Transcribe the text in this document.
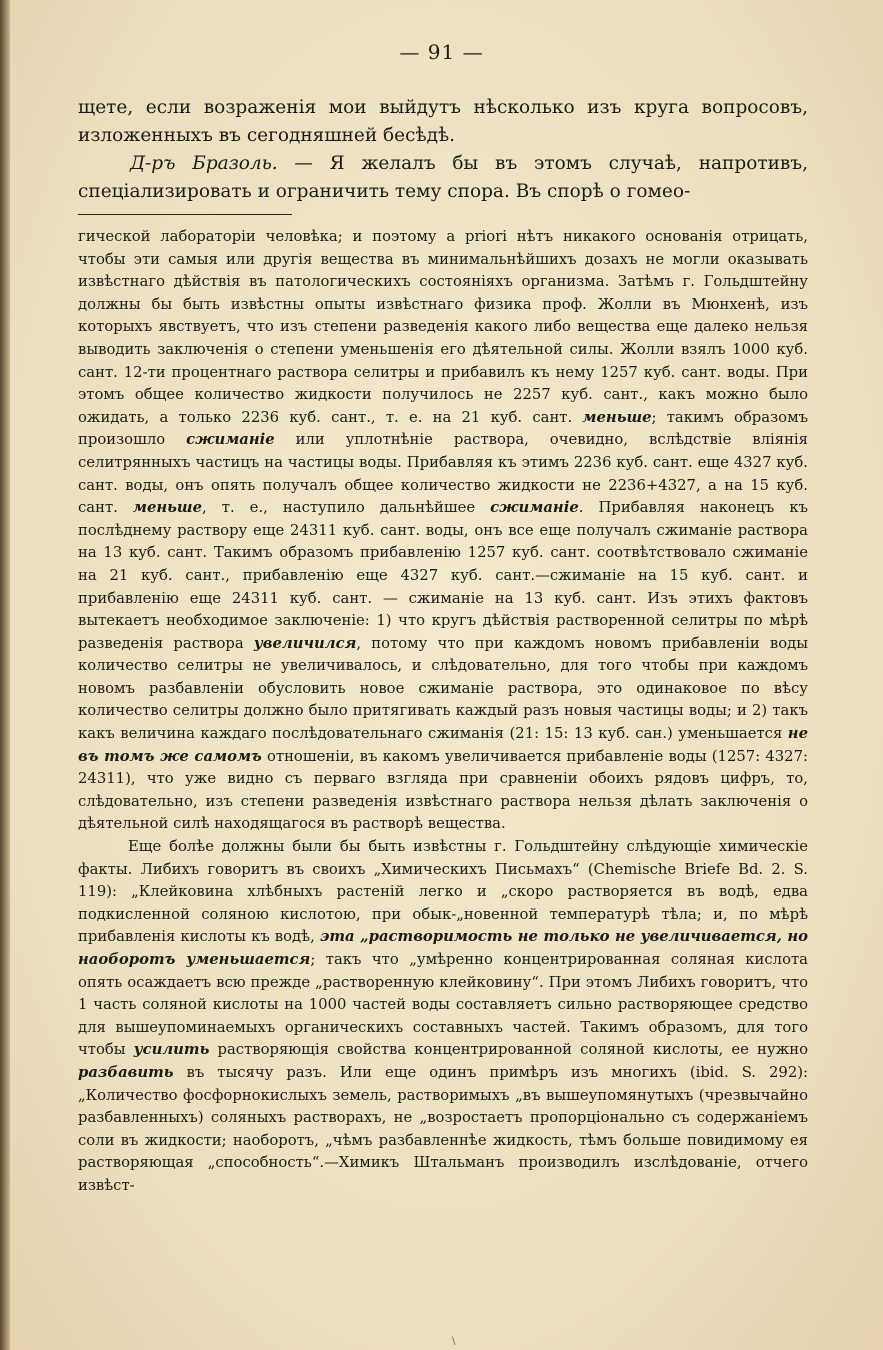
— 91 —

щете, если возраженія мои выйдутъ нѣсколько изъ круга вопросовъ, изложенныхъ въ сегодняшней бесѣдѣ.

Д-ръ Бразоль. — Я желалъ бы въ этомъ случаѣ, напротивъ, спеціализировать и ограничить тему спора. Въ спорѣ о гомео-

гической лабораторіи человѣка; и поэтому a priori нѣтъ никакого основанія отрицать, чтобы эти самыя или другія вещества въ минимальнѣйшихъ дозахъ не могли оказывать извѣстнаго дѣйствія въ патологическихъ состояніяхъ организма. Затѣмъ г. Гольдштейну должны бы быть извѣстны опыты извѣстнаго физика проф. Жолли въ Мюнхенѣ, изъ которыхъ явствуетъ, что изъ степени разведенія какого либо вещества еще далеко нельзя выводить заключенія о степени уменьшенія его дѣятельной силы. Жолли взялъ 1000 куб. сант. 12-ти процентнаго раствора селитры и прибавилъ къ нему 1257 куб. сант. воды. При этомъ общее количество жидкости получилось не 2257 куб. сант., какъ можно было ожидать, а только 2236 куб. сант., т. е. на 21 куб. сант. меньше; такимъ образомъ произошло сжиманіе или уплотнѣніе раствора, очевидно, вслѣдствіе вліянія селитрянныхъ частицъ на частицы воды. Прибавляя къ этимъ 2236 куб. сант. еще 4327 куб. сант. воды, онъ опять получалъ общее количество жидкости не 2236+4327, а на 15 куб. сант. меньше, т. е., наступило дальнѣйшее сжиманіе. Прибавляя наконецъ къ послѣднему раствору еще 24311 куб. сант. воды, онъ все еще получалъ сжиманіе раствора на 13 куб. сант. Такимъ образомъ прибавленію 1257 куб. сант. соотвѣтствовало сжиманіе на 21 куб. сант., прибавленію еще 4327 куб. сант.—сжиманіе на 15 куб. сант. и прибавленію еще 24311 куб. сант. — сжиманіе на 13 куб. сант. Изъ этихъ фактовъ вытекаетъ необходимое заключеніе: 1) что кругъ дѣйствія растворенной селитры по мѣрѣ разведенія раствора увеличился, потому что при каждомъ новомъ прибавленіи воды количество селитры не увеличивалось, и слѣдовательно, для того чтобы при каждомъ новомъ разбавленіи обусловить новое сжиманіе раствора, это одинаковое по вѣсу количество селитры должно было притягивать каждый разъ новыя частицы воды; и 2) такъ какъ величина каждаго послѣдовательнаго сжиманія (21: 15: 13 куб. сан.) уменьшается не въ томъ же самомъ отношеніи, въ какомъ увеличивается прибавленіе воды (1257: 4327: 24311), что уже видно съ перваго взгляда при сравненіи обоихъ рядовъ цифръ, то, слѣдовательно, изъ степени разведенія извѣстнаго раствора нельзя дѣлать заключенія о дѣятельной силѣ находящагося въ растворѣ вещества.

Еще болѣе должны были бы быть извѣстны г. Гольдштейну слѣдующіе химическіе факты. Либихъ говоритъ въ своихъ „Химическихъ Письмахъ“ (Chemische Briefe Bd. 2. S. 119): „Клейковина хлѣбныхъ растеній легко и „скоро растворяется въ водѣ, едва подкисленной соляною кислотою, при обык-„новенной температурѣ тѣла; и, по мѣрѣ прибавленія кислоты къ водѣ, эта „растворимость не только не увеличивается, но наоборотъ уменьшается; такъ что „умѣренно концентрированная соляная кислота опять осаждаетъ всю прежде „растворенную клейковину“. При этомъ Либихъ говоритъ, что 1 часть соляной кислоты на 1000 частей воды составляетъ сильно растворяющее средство для вышеупоминаемыхъ органическихъ составныхъ частей. Такимъ образомъ, для того чтобы усилить растворяющія свойства концентрированной соляной кислоты, ее нужно разбавить въ тысячу разъ. Или еще одинъ примѣръ изъ многихъ (ibid. S. 292): „Количество фосфорнокислыхъ земель, растворимыхъ „въ вышеупомянутыхъ (чрезвычайно разбавленныхъ) соляныхъ растворахъ, не „возростаетъ пропорціонально съ содержаніемъ соли въ жидкости; наоборотъ, „чѣмъ разбавленнѣе жидкость, тѣмъ больше повидимому ея растворяющая „способность“.—Химикъ Штальманъ производилъ изслѣдованіе, отчего извѣст-

\
